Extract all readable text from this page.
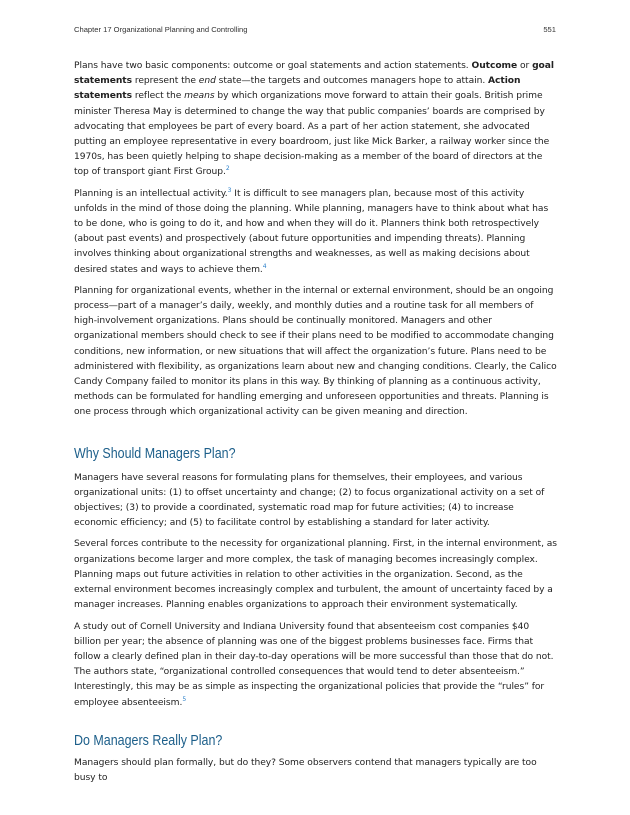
Chapter 17 Organizational Planning and Controlling	551

Plans have two basic components: outcome or goal statements and action statements. Outcome or goal statements represent the end state—the targets and outcomes managers hope to attain. Action statements reflect the means by which organizations move forward to attain their goals. British prime minister Theresa May is determined to change the way that public companies’ boards are comprised by advocating that employees be part of every board. As a part of her action statement, she advocated putting an employee representative in every boardroom, just like Mick Barker, a railway worker since the 1970s, has been quietly helping to shape decision-making as a member of the board of directors at the top of transport giant First Group.$^2$

Planning is an intellectual activity.$^3$ It is difficult to see managers plan, because most of this activity unfolds in the mind of those doing the planning. While planning, managers have to think about what has to be done, who is going to do it, and how and when they will do it. Planners think both retrospectively (about past events) and prospectively (about future opportunities and impending threats). Planning involves thinking about organizational strengths and weaknesses, as well as making decisions about desired states and ways to achieve them.$^4$

Planning for organizational events, whether in the internal or external environment, should be an ongoing process—part of a manager’s daily, weekly, and monthly duties and a routine task for all members of high-involvement organizations. Plans should be continually monitored. Managers and other organizational members should check to see if their plans need to be modified to accommodate changing conditions, new information, or new situations that will affect the organization’s future. Plans need to be administered with flexibility, as organizations learn about new and changing conditions. Clearly, the Calico Candy Company failed to monitor its plans in this way. By thinking of planning as a continuous activity, methods can be formulated for handling emerging and unforeseen opportunities and threats. Planning is one process through which organizational activity can be given meaning and direction.

Why Should Managers Plan?

Managers have several reasons for formulating plans for themselves, their employees, and various organizational units: (1) to offset uncertainty and change; (2) to focus organizational activity on a set of objectives; (3) to provide a coordinated, systematic road map for future activities; (4) to increase economic efficiency; and (5) to facilitate control by establishing a standard for later activity.

Several forces contribute to the necessity for organizational planning. First, in the internal environment, as organizations become larger and more complex, the task of managing becomes increasingly complex. Planning maps out future activities in relation to other activities in the organization. Second, as the external environment becomes increasingly complex and turbulent, the amount of uncertainty faced by a manager increases. Planning enables organizations to approach their environment systematically.

A study out of Cornell University and Indiana University found that absenteeism cost companies $40 billion per year; the absence of planning was one of the biggest problems businesses face. Firms that follow a clearly defined plan in their day-to-day operations will be more successful than those that do not. The authors state, “organizational controlled consequences that would tend to deter absenteeism.” Interestingly, this may be as simple as inspecting the organizational policies that provide the “rules” for employee absenteeism.$^5$

Do Managers Really Plan?

Managers should plan formally, but do they? Some observers contend that managers typically are too busy to
